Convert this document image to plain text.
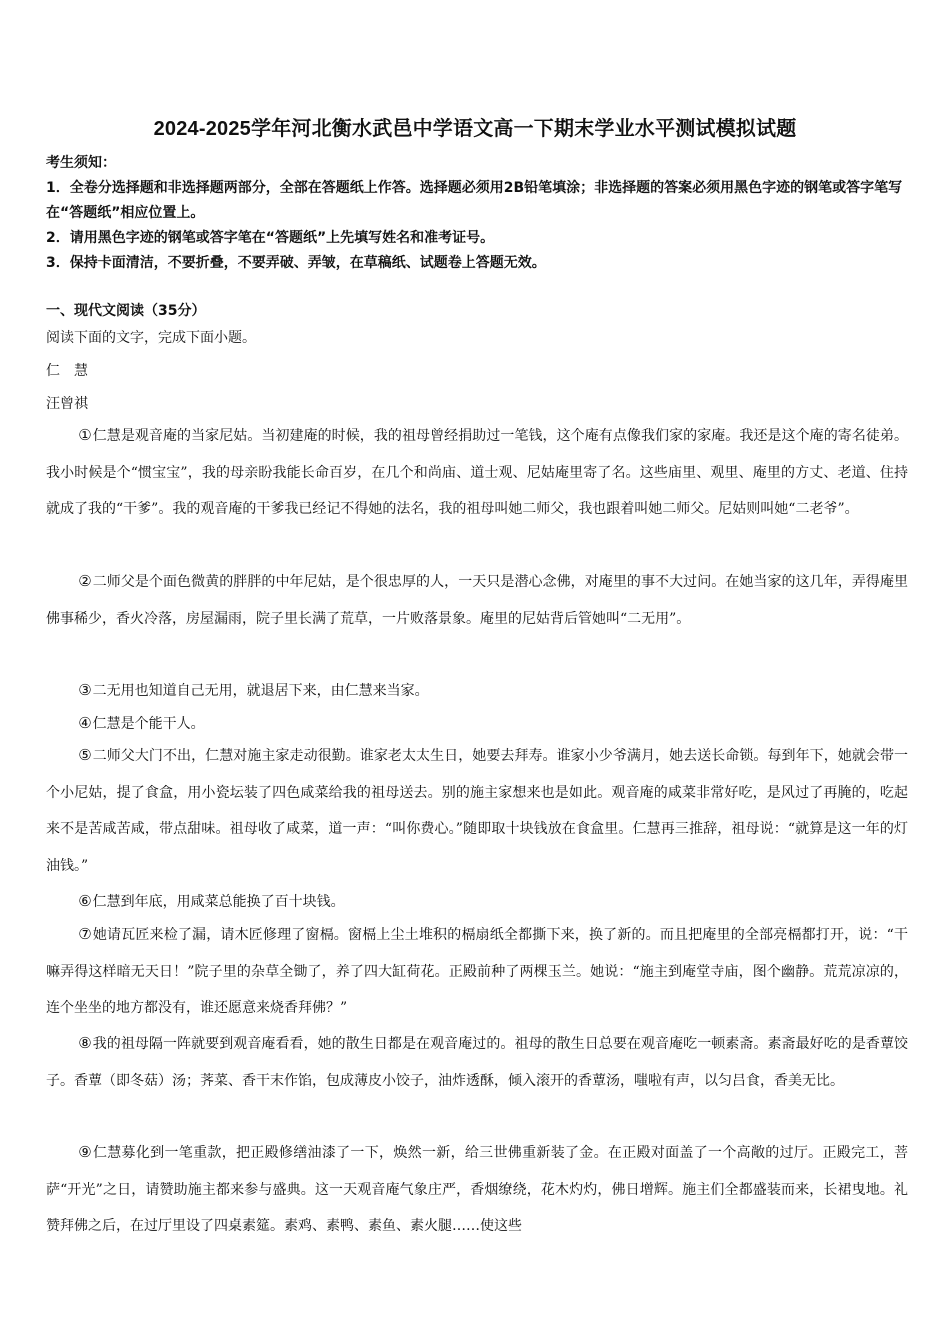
2024-2025学年河北衡水武邑中学语文高一下期末学业水平测试模拟试题
考生须知：
1．全卷分选择题和非选择题两部分，全部在答题纸上作答。选择题必须用2B铅笔填涂；非选择题的答案必须用黑色字迹的钢笔或答字笔写在“答题纸”相应位置上。
2．请用黑色字迹的钢笔或答字笔在“答题纸”上先填写姓名和准考证号。
3．保持卡面清洁，不要折叠，不要弄破、弄皱，在草稿纸、试题卷上答题无效。
一、现代文阅读（35分）
阅读下面的文字，完成下面小题。
仁　慧
汪曾祺
①仁慧是观音庵的当家尼姑。当初建庵的时候，我的祖母曾经捐助过一笔钱，这个庵有点像我们家的家庵。我还是这个庵的寄名徒弟。我小时候是个“惯宝宝”，我的母亲盼我能长命百岁，在几个和尚庙、道士观、尼姑庵里寄了名。这些庙里、观里、庵里的方丈、老道、住持就成了我的“干爹”。我的观音庵的干爹我已经记不得她的法名，我的祖母叫她二师父，我也跟着叫她二师父。尼姑则叫她“二老爷”。
②二师父是个面色微黄的胖胖的中年尼姑，是个很忠厚的人，一天只是潜心念佛，对庵里的事不大过问。在她当家的这几年，弄得庵里佛事稀少，香火冷落，房屋漏雨，院子里长满了荒草，一片败落景象。庵里的尼姑背后管她叫“二无用”。
③二无用也知道自己无用，就退居下来，由仁慧来当家。
④仁慧是个能干人。
⑤二师父大门不出，仁慧对施主家走动很勤。谁家老太太生日，她要去拜寿。谁家小少爷满月，她去送长命锁。每到年下，她就会带一个小尼姑，提了食盒，用小瓷坛装了四色咸菜给我的祖母送去。别的施主家想来也是如此。观音庵的咸菜非常好吃，是风过了再腌的，吃起来不是苦咸苦咸，带点甜味。祖母收了咸菜，道一声：“叫你费心。”随即取十块钱放在食盒里。仁慧再三推辞，祖母说：“就算是这一年的灯油钱。”
⑥仁慧到年底，用咸菜总能换了百十块钱。
⑦她请瓦匠来检了漏，请木匠修理了窗槅。窗槅上尘土堆积的槅扇纸全都撕下来，换了新的。而且把庵里的全部亮槅都打开，说：“干嘛弄得这样暗无天日！”院子里的杂草全锄了，养了四大缸荷花。正殿前种了两棵玉兰。她说：“施主到庵堂寺庙，图个幽静。荒荒凉凉的，连个坐坐的地方都没有，谁还愿意来烧香拜佛？”
⑧我的祖母隔一阵就要到观音庵看看，她的散生日都是在观音庵过的。祖母的散生日总要在观音庵吃一顿素斋。素斋最好吃的是香蕈饺子。香蕈（即冬菇）汤；荠菜、香干末作馅，包成薄皮小饺子，油炸透酥，倾入滚开的香蕈汤，嗤啦有声，以匀吕食，香美无比。
⑨仁慧募化到一笔重款，把正殿修缮油漆了一下，焕然一新，给三世佛重新装了金。在正殿对面盖了一个高敞的过厅。正殿完工，菩萨“开光”之日，请赞助施主都来参与盛典。这一天观音庵气象庄严，香烟缭绕，花木灼灼，佛日增辉。施主们全都盛装而来，长裙曳地。礼赞拜佛之后，在过厅里设了四桌素筵。素鸡、素鸭、素鱼、素火腿……使这些
